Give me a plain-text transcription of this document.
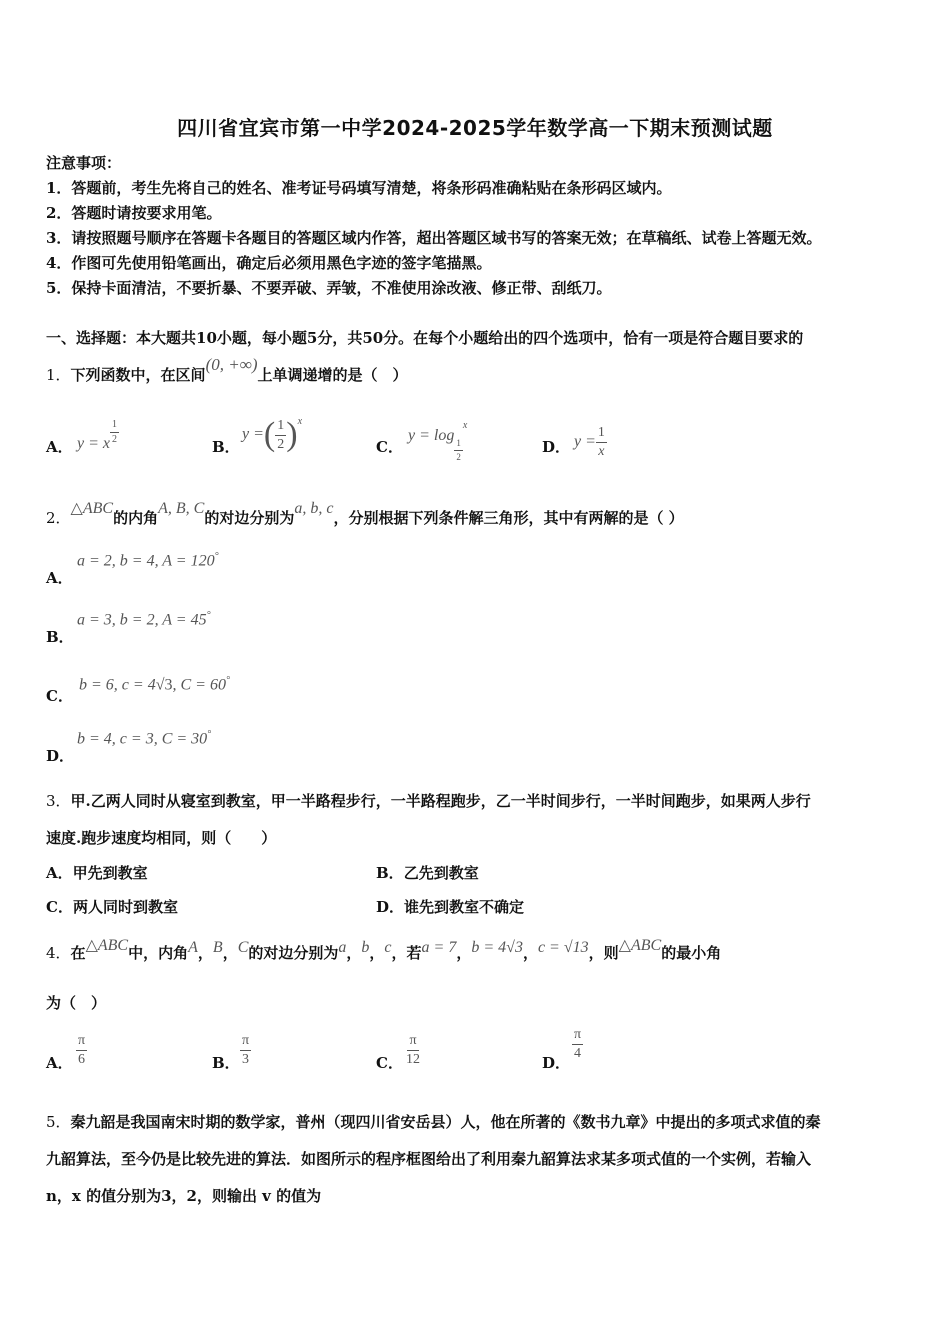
四川省宜宾市第一中学2024-2025学年数学高一下期末预测试题
注意事项：
1．答题前，考生先将自己的姓名、准考证号码填写清楚，将条形码准确粘贴在条形码区域内。
2．答题时请按要求用笔。
3．请按照题号顺序在答题卡各题目的答题区域内作答，超出答题区域书写的答案无效；在草稿纸、试卷上答题无效。
4．作图可先使用铅笔画出，确定后必须用黑色字迹的签字笔描黑。
5．保持卡面清洁，不要折暴、不要弄破、弄皱，不准使用涂改液、修正带、刮纸刀。
一、选择题：本大题共10小题，每小题5分，共50分。在每个小题给出的四个选项中，恰有一项是符合题目要求的
1．下列函数中，在区间(0, +∞)上单调递增的是（　）
A． y = x $\frac{1}{2}$
B．
y =( $\frac{1}{2} )^x$
C．
y = log
$\frac{1}{2}$
$^x$
D． $y = \frac{1}{x}$
2．△ABC的内角A, B, C的对边分别为a, b, c，分别根据下列条件解三角形，其中有两解的是（ ）
A．
a = 2, b = 4, A = 120°
B．
a = 3, b = 2, A = 45°
C．
b = 6, c = 4√3, C = 60°
D．
b = 4, c = 3, C = 30°
3．甲.乙两人同时从寝室到教室，甲一半路程步行，一半路程跑步，乙一半时间步行，一半时间跑步，如果两人步行
速度.跑步速度均相同，则（　　）
A．甲先到教室	B．乙先到教室
C．两人同时到教室	D．谁先到教室不确定
4．在△ABC中，内角A，B，C的对边分别为a，b，c，若a = 7，b = 4√3，c = √13，则△ABC的最小角
为（　）
A． $\frac{\pi}{6}$	B． $\frac{\pi}{3}$	C． $\frac{\pi}{12}$	D．
$\frac{\pi}{4}$
5．秦九韶是我国南宋时期的数学家，普州（现四川省安岳县）人，他在所著的《数书九章》中提出的多项式求值的秦
九韶算法，至今仍是比较先进的算法．如图所示的程序框图给出了利用秦九韶算法求某多项式值的一个实例，若输入
n，x 的值分别为3，2，则输出 v 的值为
